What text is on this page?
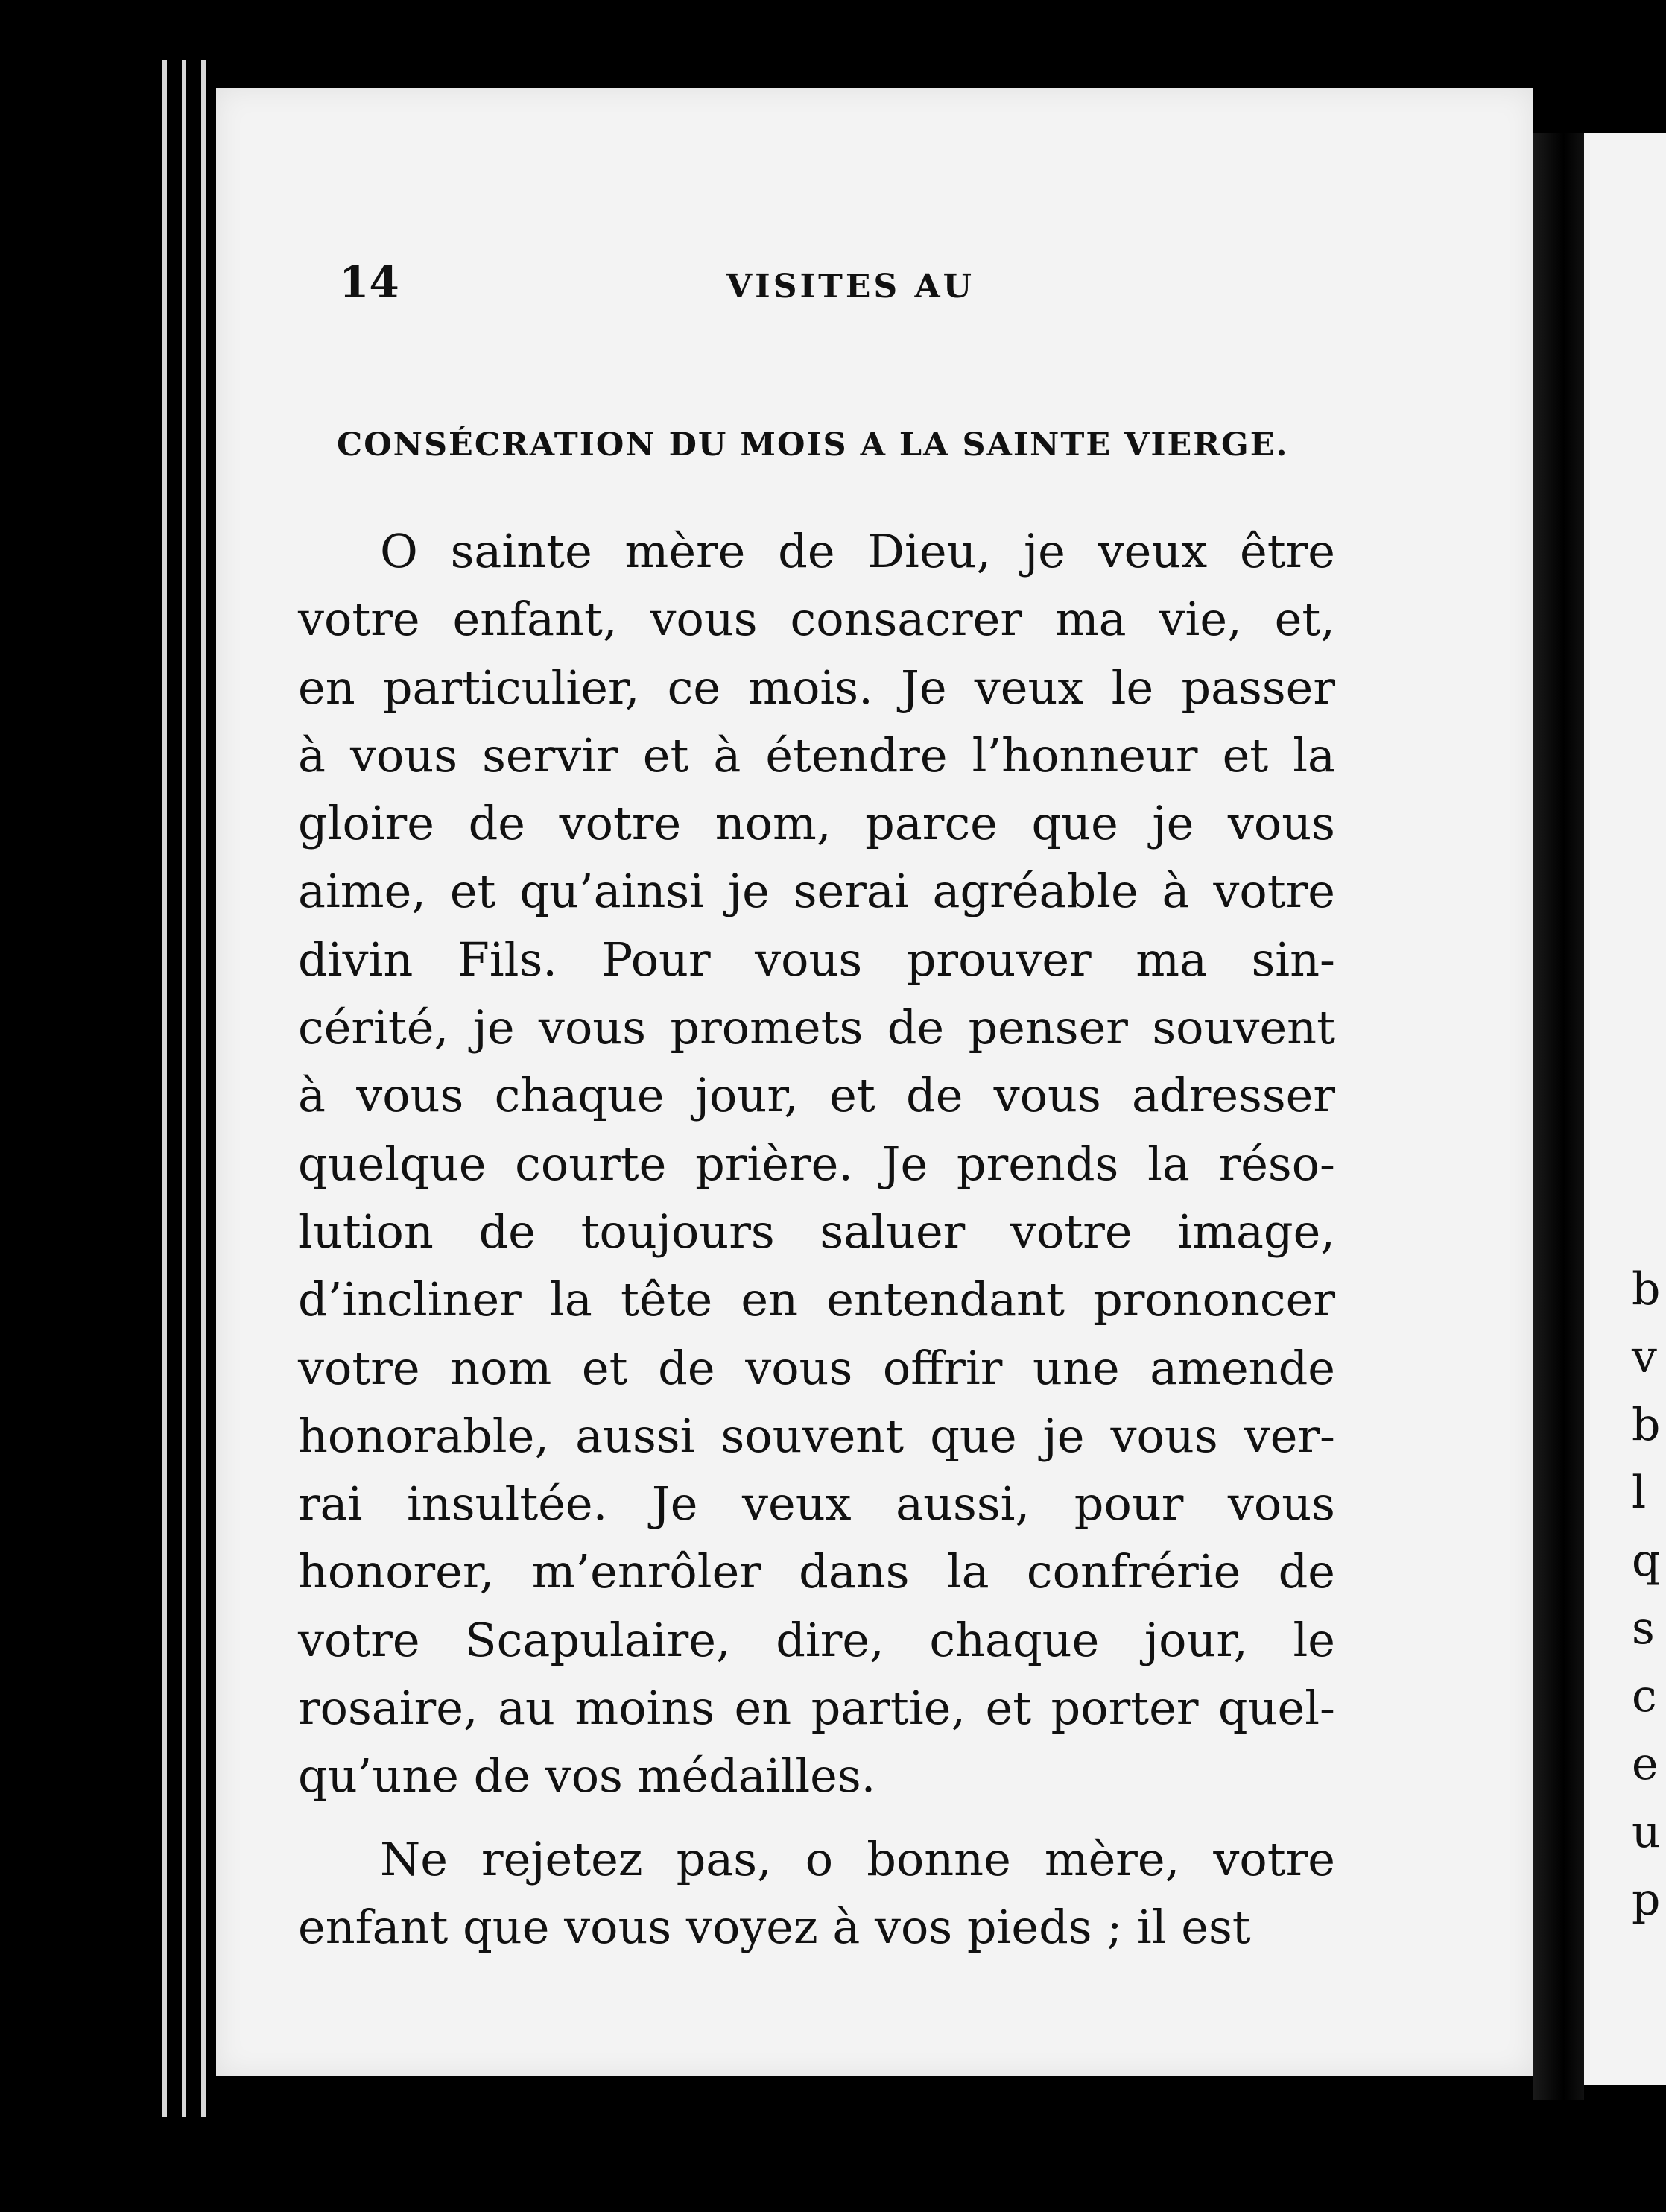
b
v
b
l
q
s
c
e
u
p
14	VISITES AU
CONSÉCRATION DU MOIS A LA SAINTE VIERGE.

O sainte mère de Dieu, je veux être
votre enfant, vous consacrer ma vie, et,
en particulier, ce mois. Je veux le passer
à vous servir et à étendre l’honneur et la
gloire de votre nom, parce que je vous
aime, et qu’ainsi je serai agréable à votre
divin Fils. Pour vous prouver ma sin-
cérité, je vous promets de penser souvent
à vous chaque jour, et de vous adresser
quelque courte prière. Je prends la réso-
lution de toujours saluer votre image,
d’incliner la tête en entendant prononcer
votre nom et de vous offrir une amende
honorable, aussi souvent que je vous ver-
rai insultée. Je veux aussi, pour vous
honorer, m’enrôler dans la confrérie de
votre Scapulaire, dire, chaque jour, le
rosaire, au moins en partie, et porter quel-
qu’une de vos médailles.

Ne rejetez pas, o bonne mère, votre
enfant que vous voyez à vos pieds ; il est
